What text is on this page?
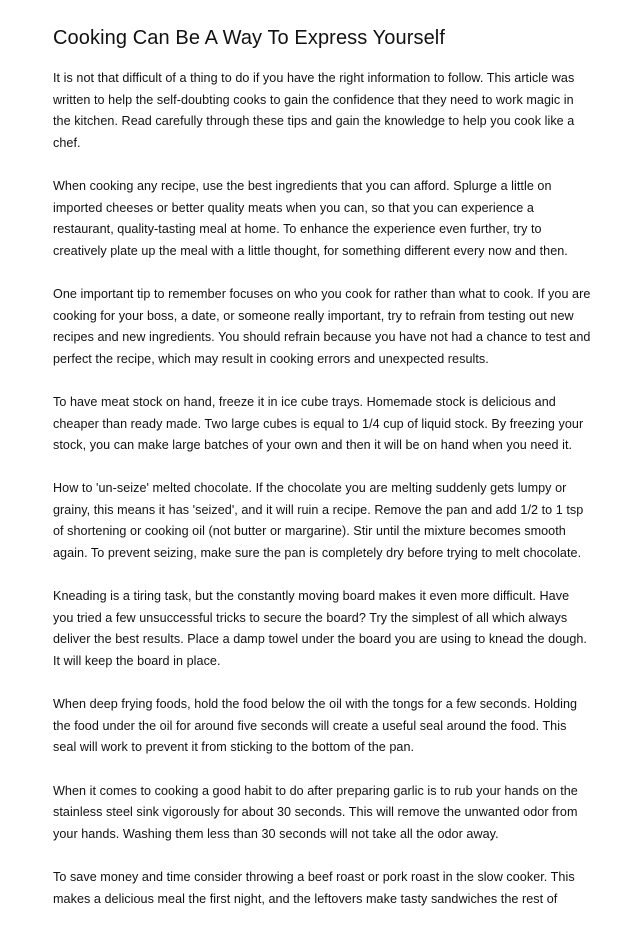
Cooking Can Be A Way To Express Yourself

It is not that difficult of a thing to do if you have the right information to follow. This article was written to help the self-doubting cooks to gain the confidence that they need to work magic in the kitchen. Read carefully through these tips and gain the knowledge to help you cook like a chef.

When cooking any recipe, use the best ingredients that you can afford. Splurge a little on imported cheeses or better quality meats when you can, so that you can experience a restaurant, quality-tasting meal at home. To enhance the experience even further, try to creatively plate up the meal with a little thought, for something different every now and then.

One important tip to remember focuses on who you cook for rather than what to cook. If you are cooking for your boss, a date, or someone really important, try to refrain from testing out new recipes and new ingredients. You should refrain because you have not had a chance to test and perfect the recipe, which may result in cooking errors and unexpected results.

To have meat stock on hand, freeze it in ice cube trays. Homemade stock is delicious and cheaper than ready made. Two large cubes is equal to 1/4 cup of liquid stock. By freezing your stock, you can make large batches of your own and then it will be on hand when you need it.

How to 'un-seize' melted chocolate. If the chocolate you are melting suddenly gets lumpy or grainy, this means it has 'seized', and it will ruin a recipe. Remove the pan and add 1/2 to 1 tsp of shortening or cooking oil (not butter or margarine). Stir until the mixture becomes smooth again. To prevent seizing, make sure the pan is completely dry before trying to melt chocolate.

Kneading is a tiring task, but the constantly moving board makes it even more difficult. Have you tried a few unsuccessful tricks to secure the board? Try the simplest of all which always deliver the best results. Place a damp towel under the board you are using to knead the dough. It will keep the board in place.

When deep frying foods, hold the food below the oil with the tongs for a few seconds. Holding the food under the oil for around five seconds will create a useful seal around the food. This seal will work to prevent it from sticking to the bottom of the pan.

When it comes to cooking a good habit to do after preparing garlic is to rub your hands on the stainless steel sink vigorously for about 30 seconds. This will remove the unwanted odor from your hands. Washing them less than 30 seconds will not take all the odor away.

To save money and time consider throwing a beef roast or pork roast in the slow cooker. This makes a delicious meal the first night, and the leftovers make tasty sandwiches the rest of
